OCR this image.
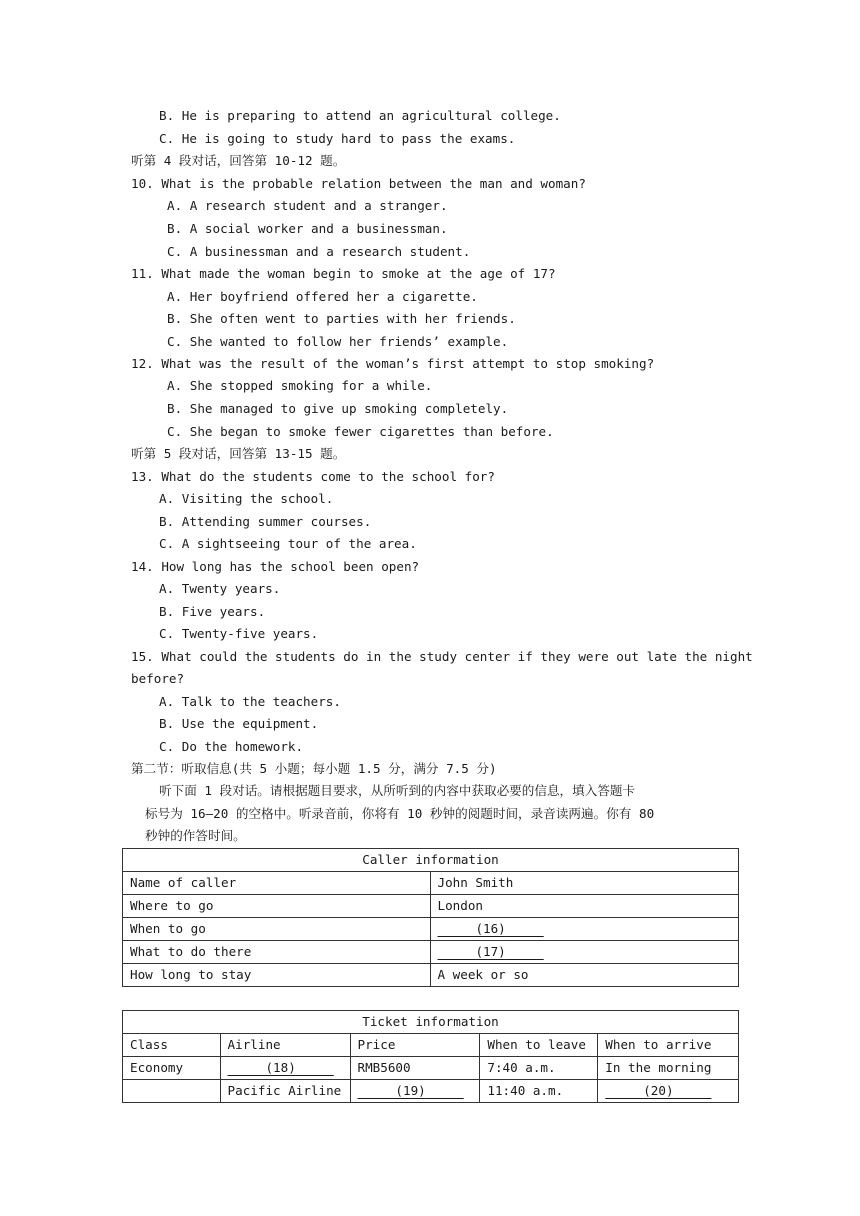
B. He is preparing to attend an agricultural college.
C. He is going to study hard to pass the exams.
听第 4 段对话，回答第 10-12 题。
10. What is the probable relation between the man and woman?
A. A research student and a stranger.
B. A social worker and a businessman.
C. A businessman and a research student.
11. What made the woman begin to smoke at the age of 17?
A. Her boyfriend offered her a cigarette.
B. She often went to parties with her friends.
C. She wanted to follow her friends’ example.
12. What was the result of the woman’s first attempt to stop smoking?
A. She stopped smoking for a while.
B. She managed to give up smoking completely.
C. She began to smoke fewer cigarettes than before.
听第 5 段对话，回答第 13-15 题。
13. What do the students come to the school for?
A. Visiting the school.
B. Attending summer courses.
C. A sightseeing tour of the area.
14. How long has the school been open?
A. Twenty years.
B. Five years.
C. Twenty-five years.
15. What could the students do in the study center if they were out late the night
before?
A. Talk to the teachers.
B. Use the equipment.
C. Do the homework.
第二节：听取信息(共 5 小题；每小题 1.5 分，满分 7.5 分)
听下面 1 段对话。请根据题目要求，从所听到的内容中获取必要的信息，填入答题卡
标号为 16—20 的空格中。听录音前，你将有 10 秒钟的阅题时间，录音读两遍。你有 80
秒钟的作答时间。
Caller information	
Name of caller	John Smith
Where to go	London
When to go	(16)
What to do there	(17)
How long to stay	A week or so
Ticket information				
Class	Airline	Price	When to leave	When to arrive
Economy	(18)	RMB5600	7:40 a.m.	In the morning
	Pacific Airline	(19)	11:40 a.m.	(20)
